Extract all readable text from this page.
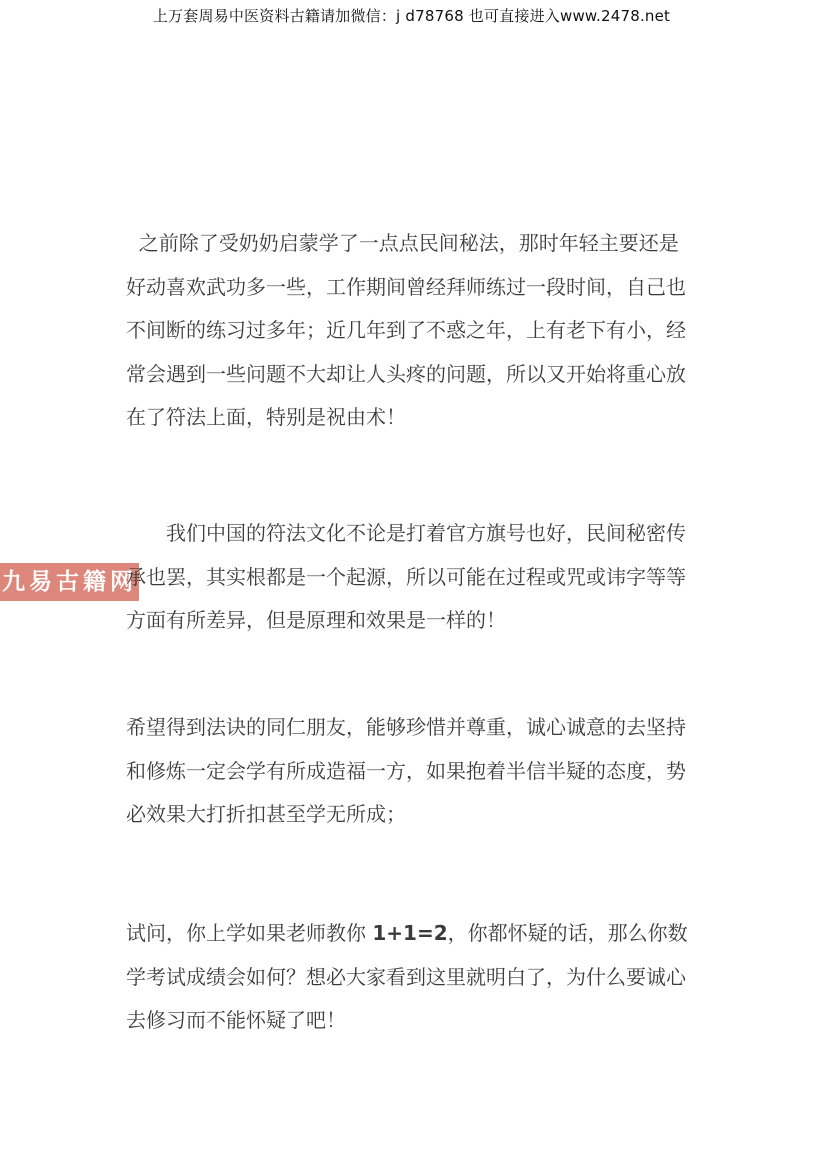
上万套周易中医资料古籍请加微信：j d78768 也可直接进入www.2478.net
九易古籍网

之前除了受奶奶启蒙学了一点点民间秘法，那时年轻主要还是好动喜欢武功多一些，工作期间曾经拜师练过一段时间，自己也不间断的练习过多年；近几年到了不惑之年，上有老下有小，经常会遇到一些问题不大却让人头疼的问题，所以又开始将重心放在了符法上面，特别是祝由术！

我们中国的符法文化不论是打着官方旗号也好，民间秘密传承也罢，其实根都是一个起源，所以可能在过程或咒或讳字等等方面有所差异，但是原理和效果是一样的！

希望得到法诀的同仁朋友，能够珍惜并尊重，诚心诚意的去坚持和修炼一定会学有所成造福一方，如果抱着半信半疑的态度，势必效果大打折扣甚至学无所成；

试问，你上学如果老师教你 1+1=2，你都怀疑的话，那么你数学考试成绩会如何？想必大家看到这里就明白了，为什么要诚心去修习而不能怀疑了吧！
